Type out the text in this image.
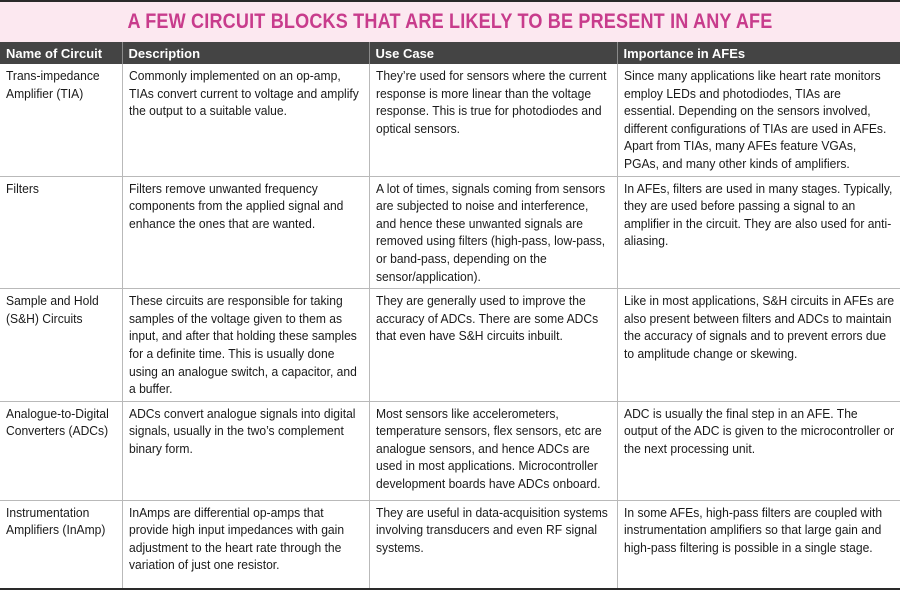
A FEW CIRCUIT BLOCKS THAT ARE LIKELY TO BE PRESENT IN ANY AFE
Name of Circuit	Description	Use Case	Importance in AFEs

Trans-impedance Amplifier (TIA)	Commonly implemented on an op-amp, TIAs convert current to voltage and amplify the output to a suitable value.	They’re used for sensors where the current response is more linear than the voltage response. This is true for photodiodes and optical sensors.	Since many applications like heart rate monitors employ LEDs and photodiodes, TIAs are essential. Depending on the sensors involved, different configurations of TIAs are used in AFEs. Apart from TIAs, many AFEs feature VGAs, PGAs, and many other kinds of amplifiers.

Filters	Filters remove unwanted frequency components from the applied signal and enhance the ones that are wanted.	A lot of times, signals coming from sensors are subjected to noise and interference, and hence these unwanted signals are removed using filters (high-pass, low-pass, or band-pass, depending on the sensor/application).	In AFEs, filters are used in many stages. Typically, they are used before passing a signal to an amplifier in the circuit. They are also used for anti-aliasing.

Sample and Hold (S&H) Circuits	These circuits are responsible for taking samples of the voltage given to them as input, and after that holding these samples for a definite time. This is usually done using an analogue switch, a capacitor, and a buffer.	They are generally used to improve the accuracy of ADCs. There are some ADCs that even have S&H circuits inbuilt.	Like in most applications, S&H circuits in AFEs are also present between filters and ADCs to maintain the accuracy of signals and to prevent errors due to amplitude change or skewing.

Analogue-to-Digital Converters (ADCs)	ADCs convert analogue signals into digital signals, usually in the two’s complement binary form.	Most sensors like accelerometers, temperature sensors, flex sensors, etc are analogue sensors, and hence ADCs are used in most applications. Microcontroller development boards have ADCs onboard.	ADC is usually the final step in an AFE. The output of the ADC is given to the microcontroller or the next processing unit.

Instrumentation Amplifiers (InAmp)	InAmps are differential op-amps that provide high input impedances with gain adjustment to the heart rate through the variation of just one resistor.	They are useful in data-acquisition systems involving transducers and even RF signal systems.	In some AFEs, high-pass filters are coupled with instrumentation amplifiers so that large gain and high-pass filtering is possible in a single stage.
